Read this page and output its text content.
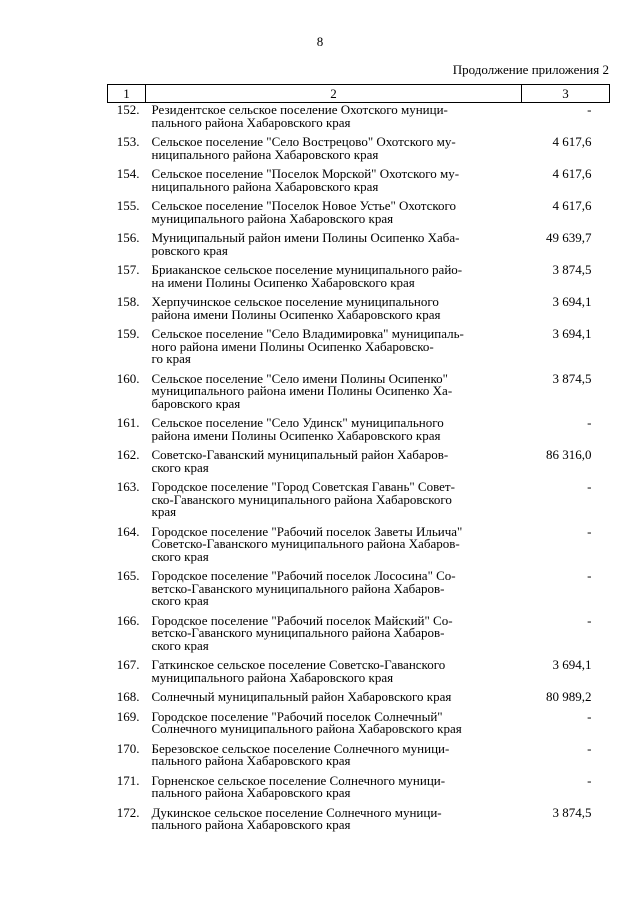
8
Продолжение приложения 2
1	2	3
152.	Резидентское сельское поселение Охотского муници-
пального района Хабаровского края	-
153.	Сельское поселение "Село Вострецово" Охотского му-
ниципального района Хабаровского края	4 617,6
154.	Сельское поселение "Поселок Морской" Охотского му-
ниципального района Хабаровского края	4 617,6
155.	Сельское поселение "Поселок Новое Устье" Охотского
муниципального района Хабаровского края	4 617,6
156.	Муниципальный район имени Полины Осипенко Хаба-
ровского края	49 639,7
157.	Бриаканское сельское поселение муниципального райо-
на имени Полины Осипенко Хабаровского края	3 874,5
158.	Херпучинское сельское поселение муниципального
района имени Полины Осипенко Хабаровского края	3 694,1
159.	Сельское поселение "Село Владимировка" муниципаль-
ного района имени Полины Осипенко Хабаровско-
го края	3 694,1
160.	Сельское поселение "Село имени Полины Осипенко"
муниципального района имени Полины Осипенко Ха-
баровского края	3 874,5
161.	Сельское поселение "Село Удинск" муниципального
района имени Полины Осипенко Хабаровского края	-
162.	Советско-Гаванский муниципальный район Хабаров-
ского края	86 316,0
163.	Городское поселение "Город Советская Гавань" Совет-
ско-Гаванского муниципального района Хабаровского
края	-
164.	Городское поселение "Рабочий поселок Заветы Ильича"
Советско-Гаванского муниципального района Хабаров-
ского края	-
165.	Городское поселение "Рабочий поселок Лососина" Со-
ветско-Гаванского муниципального района Хабаров-
ского края	-
166.	Городское поселение "Рабочий поселок Майский" Со-
ветско-Гаванского муниципального района Хабаров-
ского края	-
167.	Гаткинское сельское поселение Советско-Гаванского
муниципального района Хабаровского края	3 694,1
168.	Солнечный муниципальный район Хабаровского края	80 989,2
169.	Городское поселение "Рабочий поселок Солнечный"
Солнечного муниципального района Хабаровского края	-
170.	Березовское сельское поселение Солнечного муници-
пального района Хабаровского края	-
171.	Горненское сельское поселение Солнечного муници-
пального района Хабаровского края	-
172.	Дукинское сельское поселение Солнечного муници-
пального района Хабаровского края	3 874,5
